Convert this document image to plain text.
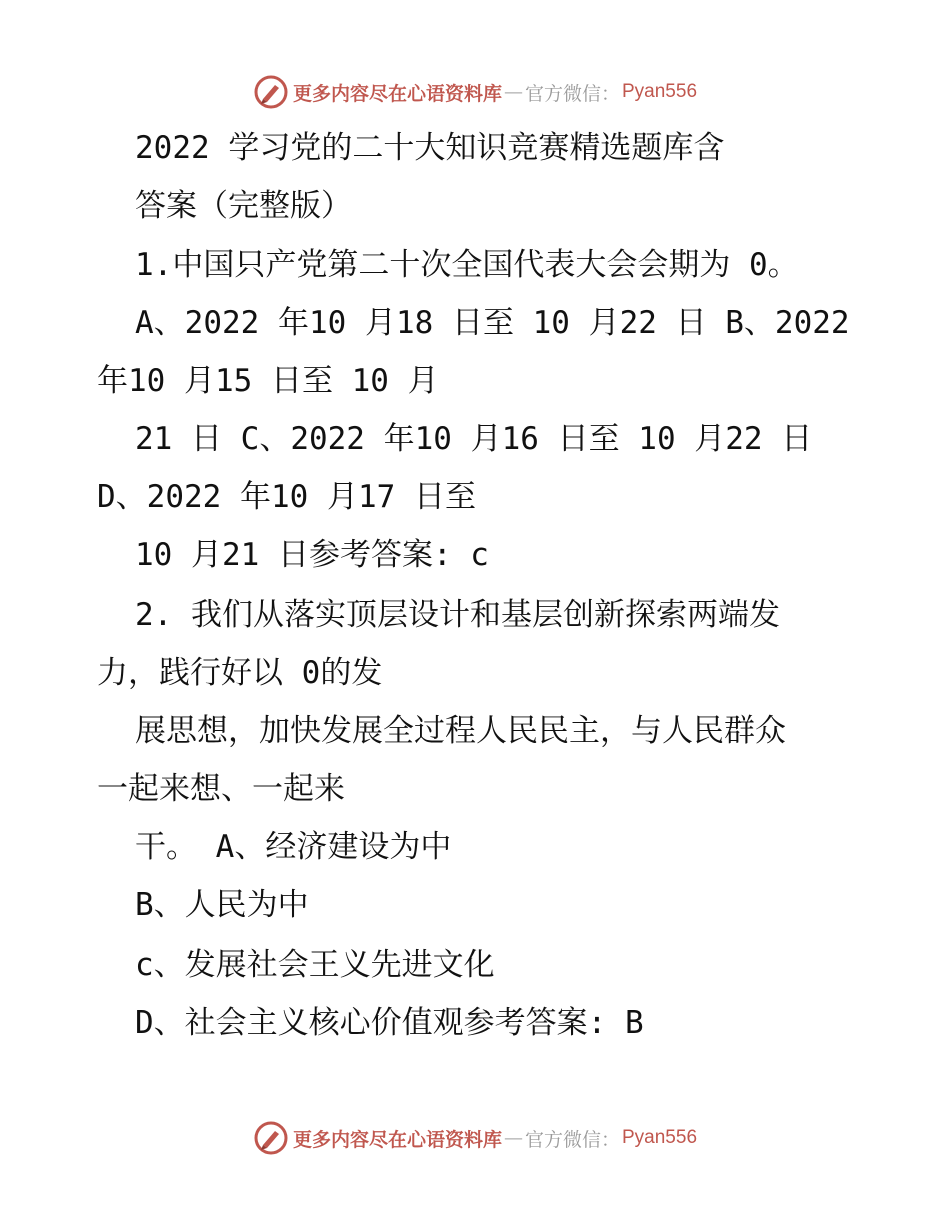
更多内容尽在心语资料库 — 官方微信： Pyan556
2022 学习党的二十大知识竞赛精选题库含
答案（完整版）
1.中国只产党第二十次全国代表大会会期为 0。
A、2022 年10 月18 日至 10 月22 日 B、2022
年10 月15 日至 10 月
21 日 C、2022 年10 月16 日至 10 月22 日
D、2022 年10 月17 日至
10 月21 日参考答案: c
2. 我们从落实顶层设计和基层创新探索两端发
力，践行好以 0的发
展思想，加快发展全过程人民民主，与人民群众
一起来想、一起来
干。 A、经济建设为中
B、人民为中
c、发展社会王义先进文化
D、社会主义核心价值观参考答案: B
更多内容尽在心语资料库 — 官方微信： Pyan556
